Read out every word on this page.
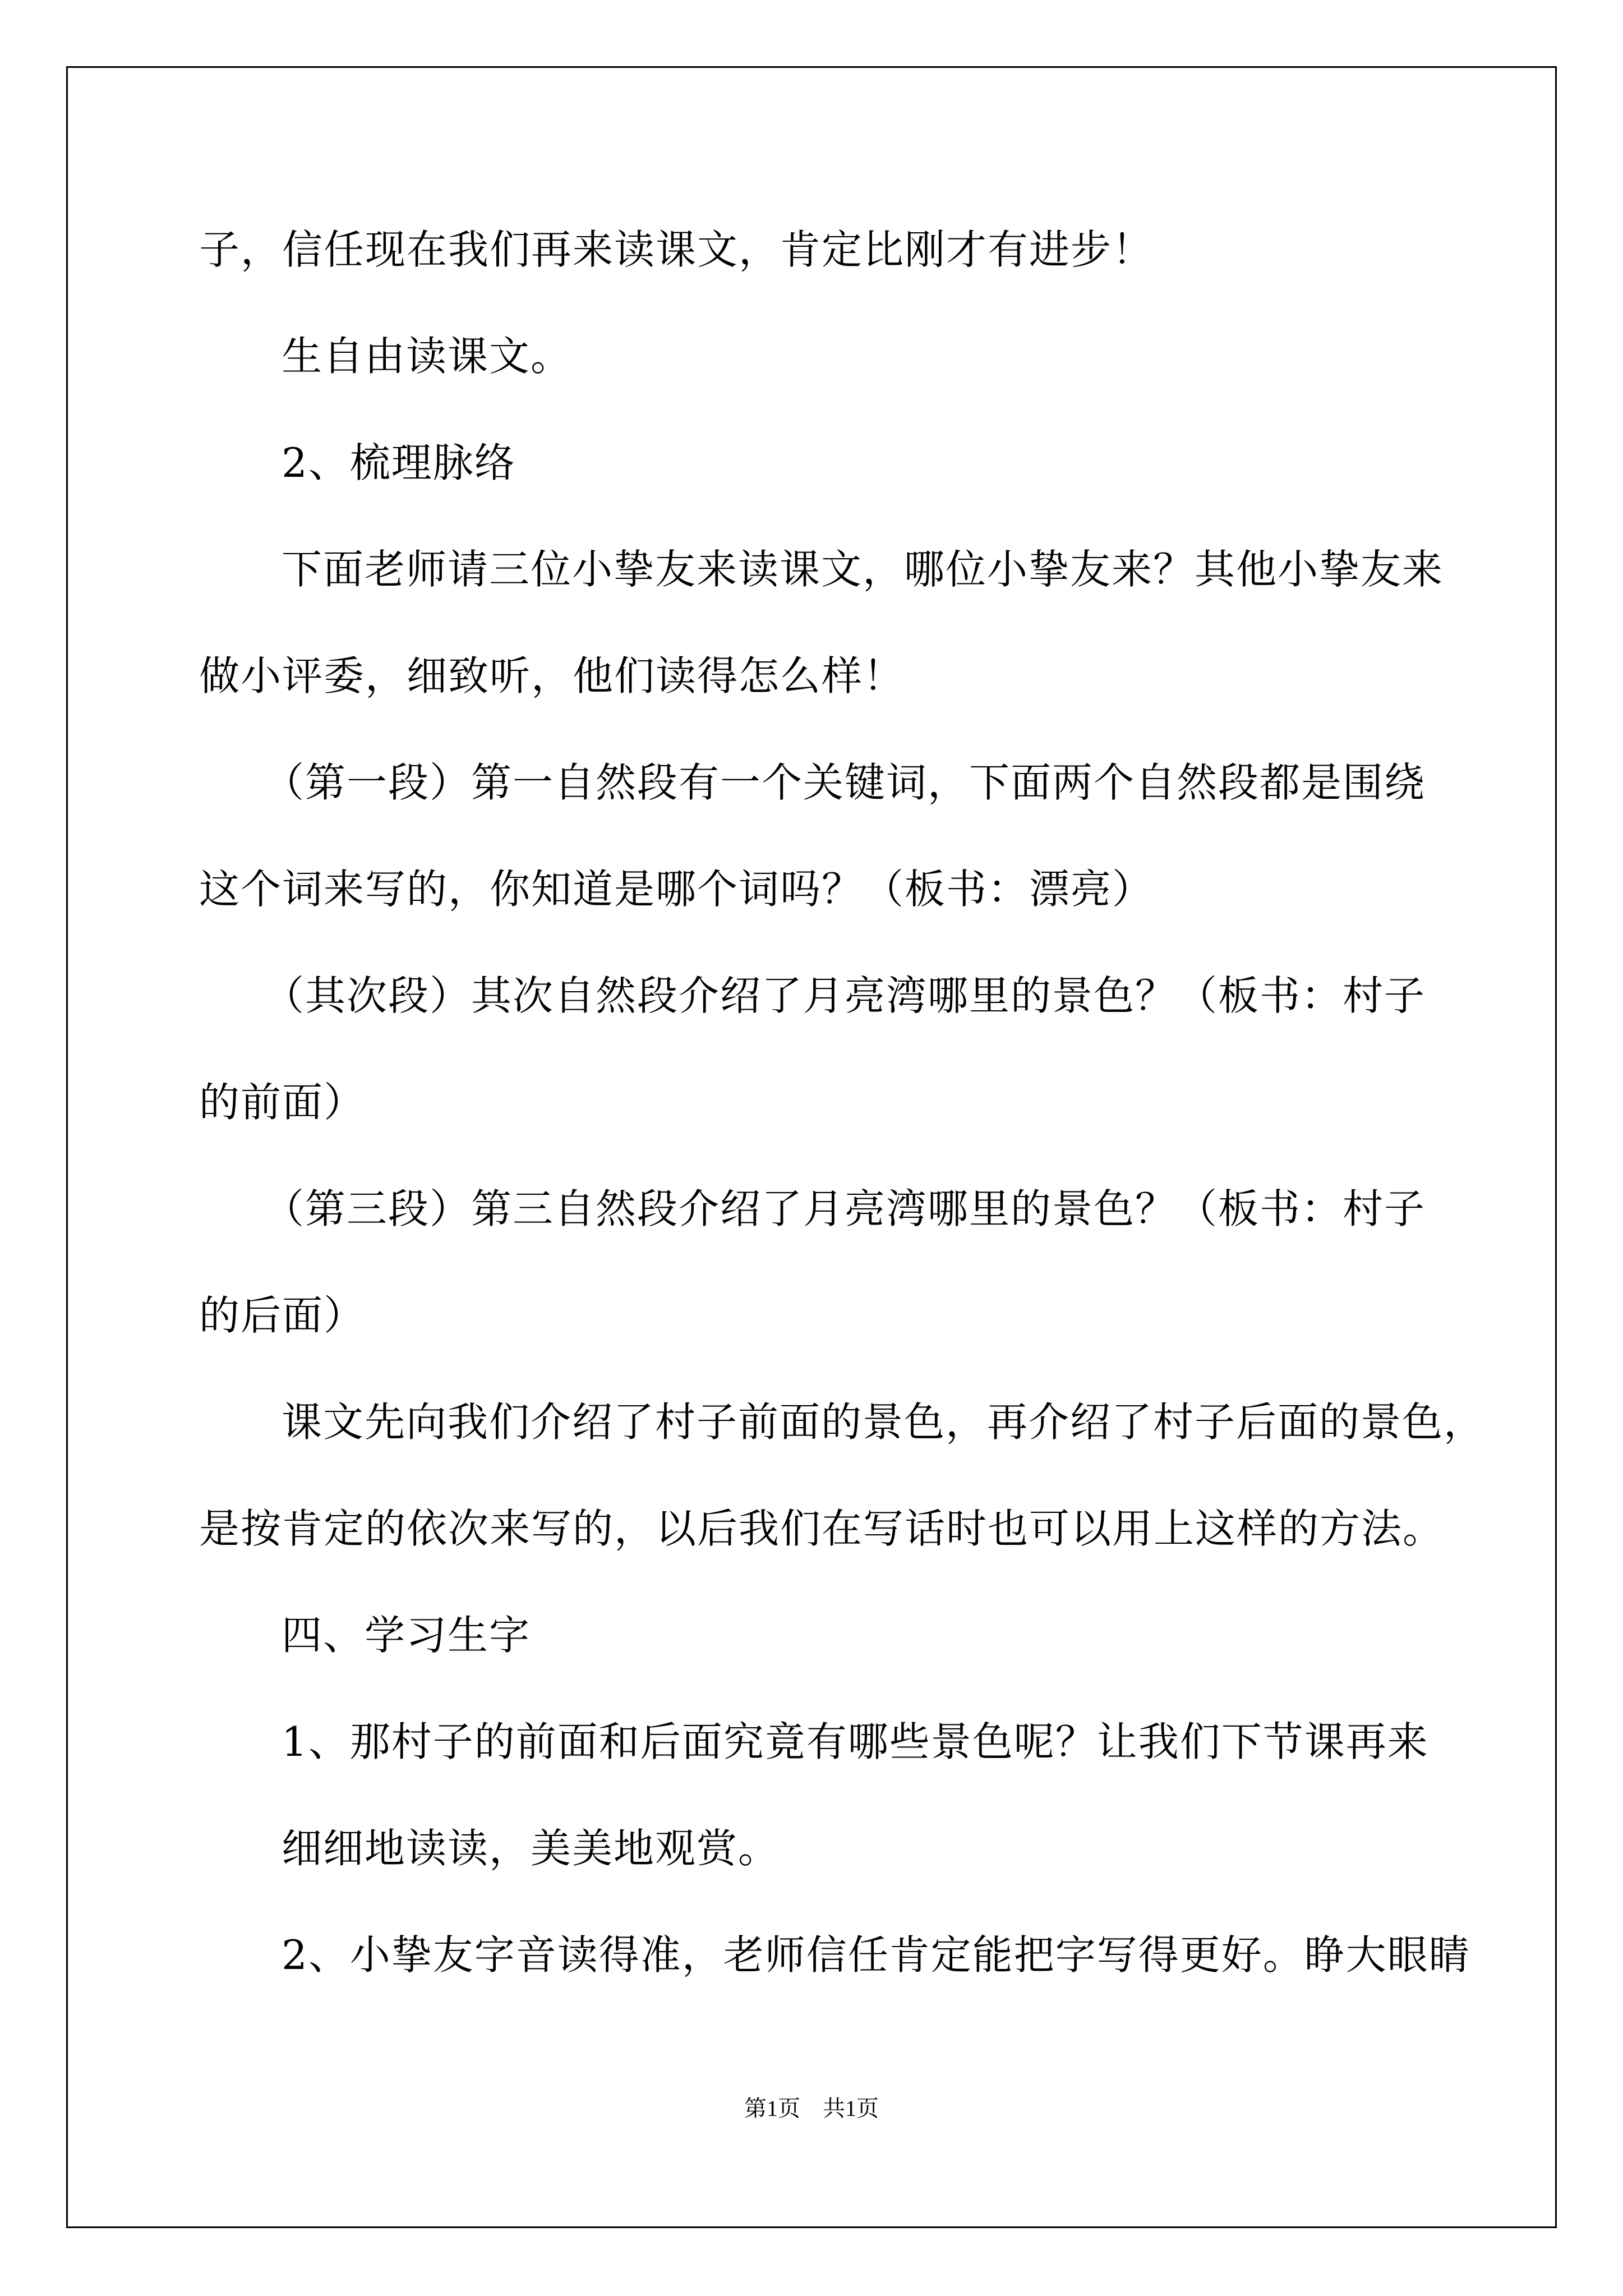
子，信任现在我们再来读课文，肯定比刚才有进步！

生自由读课文。

2、梳理脉络

下面老师请三位小挚友来读课文，哪位小挚友来？其他小挚友来

做小评委，细致听，他们读得怎么样！

（第一段）第一自然段有一个关键词，下面两个自然段都是围绕

这个词来写的，你知道是哪个词吗？（板书：漂亮）

（其次段）其次自然段介绍了月亮湾哪里的景色？（板书：村子

的前面）

（第三段）第三自然段介绍了月亮湾哪里的景色？（板书：村子

的后面）

课文先向我们介绍了村子前面的景色，再介绍了村子后面的景色，

是按肯定的依次来写的，以后我们在写话时也可以用上这样的方法。

四、学习生字

1、那村子的前面和后面究竟有哪些景色呢？让我们下节课再来

细细地读读，美美地观赏。

2、小挚友字音读得准，老师信任肯定能把字写得更好。睁大眼睛

第1页　共1页
